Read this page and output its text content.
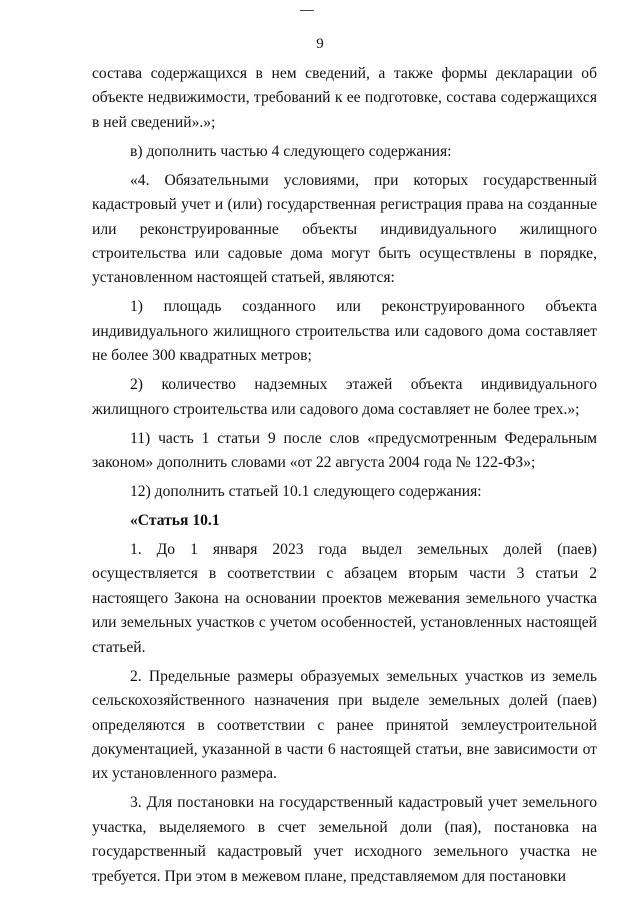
9

состава содержащихся в нем сведений, а также формы декларации об объекте недвижимости, требований к ее подготовке, состава содержащихся в ней сведений».»;

в) дополнить частью 4 следующего содержания:

«4. Обязательными условиями, при которых государственный кадастровый учет и (или) государственная регистрация права на созданные или реконструированные объекты индивидуального жилищного строительства или садовые дома могут быть осуществлены в порядке, установленном настоящей статьей, являются:

1) площадь созданного или реконструированного объекта индивидуального жилищного строительства или садового дома составляет не более 300 квадратных метров;

2) количество надземных этажей объекта индивидуального жилищного строительства или садового дома составляет не более трех.»;

11) часть 1 статьи 9 после слов «предусмотренным Федеральным законом» дополнить словами «от 22 августа 2004 года № 122-ФЗ»;

12) дополнить статьей 10.1 следующего содержания:

«Статья 10.1

1. До 1 января 2023 года выдел земельных долей (паев) осуществляется в соответствии с абзацем вторым части 3 статьи 2 настоящего Закона на основании проектов межевания земельного участка или земельных участков с учетом особенностей, установленных настоящей статьей.

2. Предельные размеры образуемых земельных участков из земель сельскохозяйственного назначения при выделе земельных долей (паев) определяются в соответствии с ранее принятой землеустроительной документацией, указанной в части 6 настоящей статьи, вне зависимости от их установленного размера.

3. Для постановки на государственный кадастровый учет земельного участка, выделяемого в счет земельной доли (пая), постановка на государственный кадастровый учет исходного земельного участка не требуется. При этом в межевом плане, представляемом для постановки
